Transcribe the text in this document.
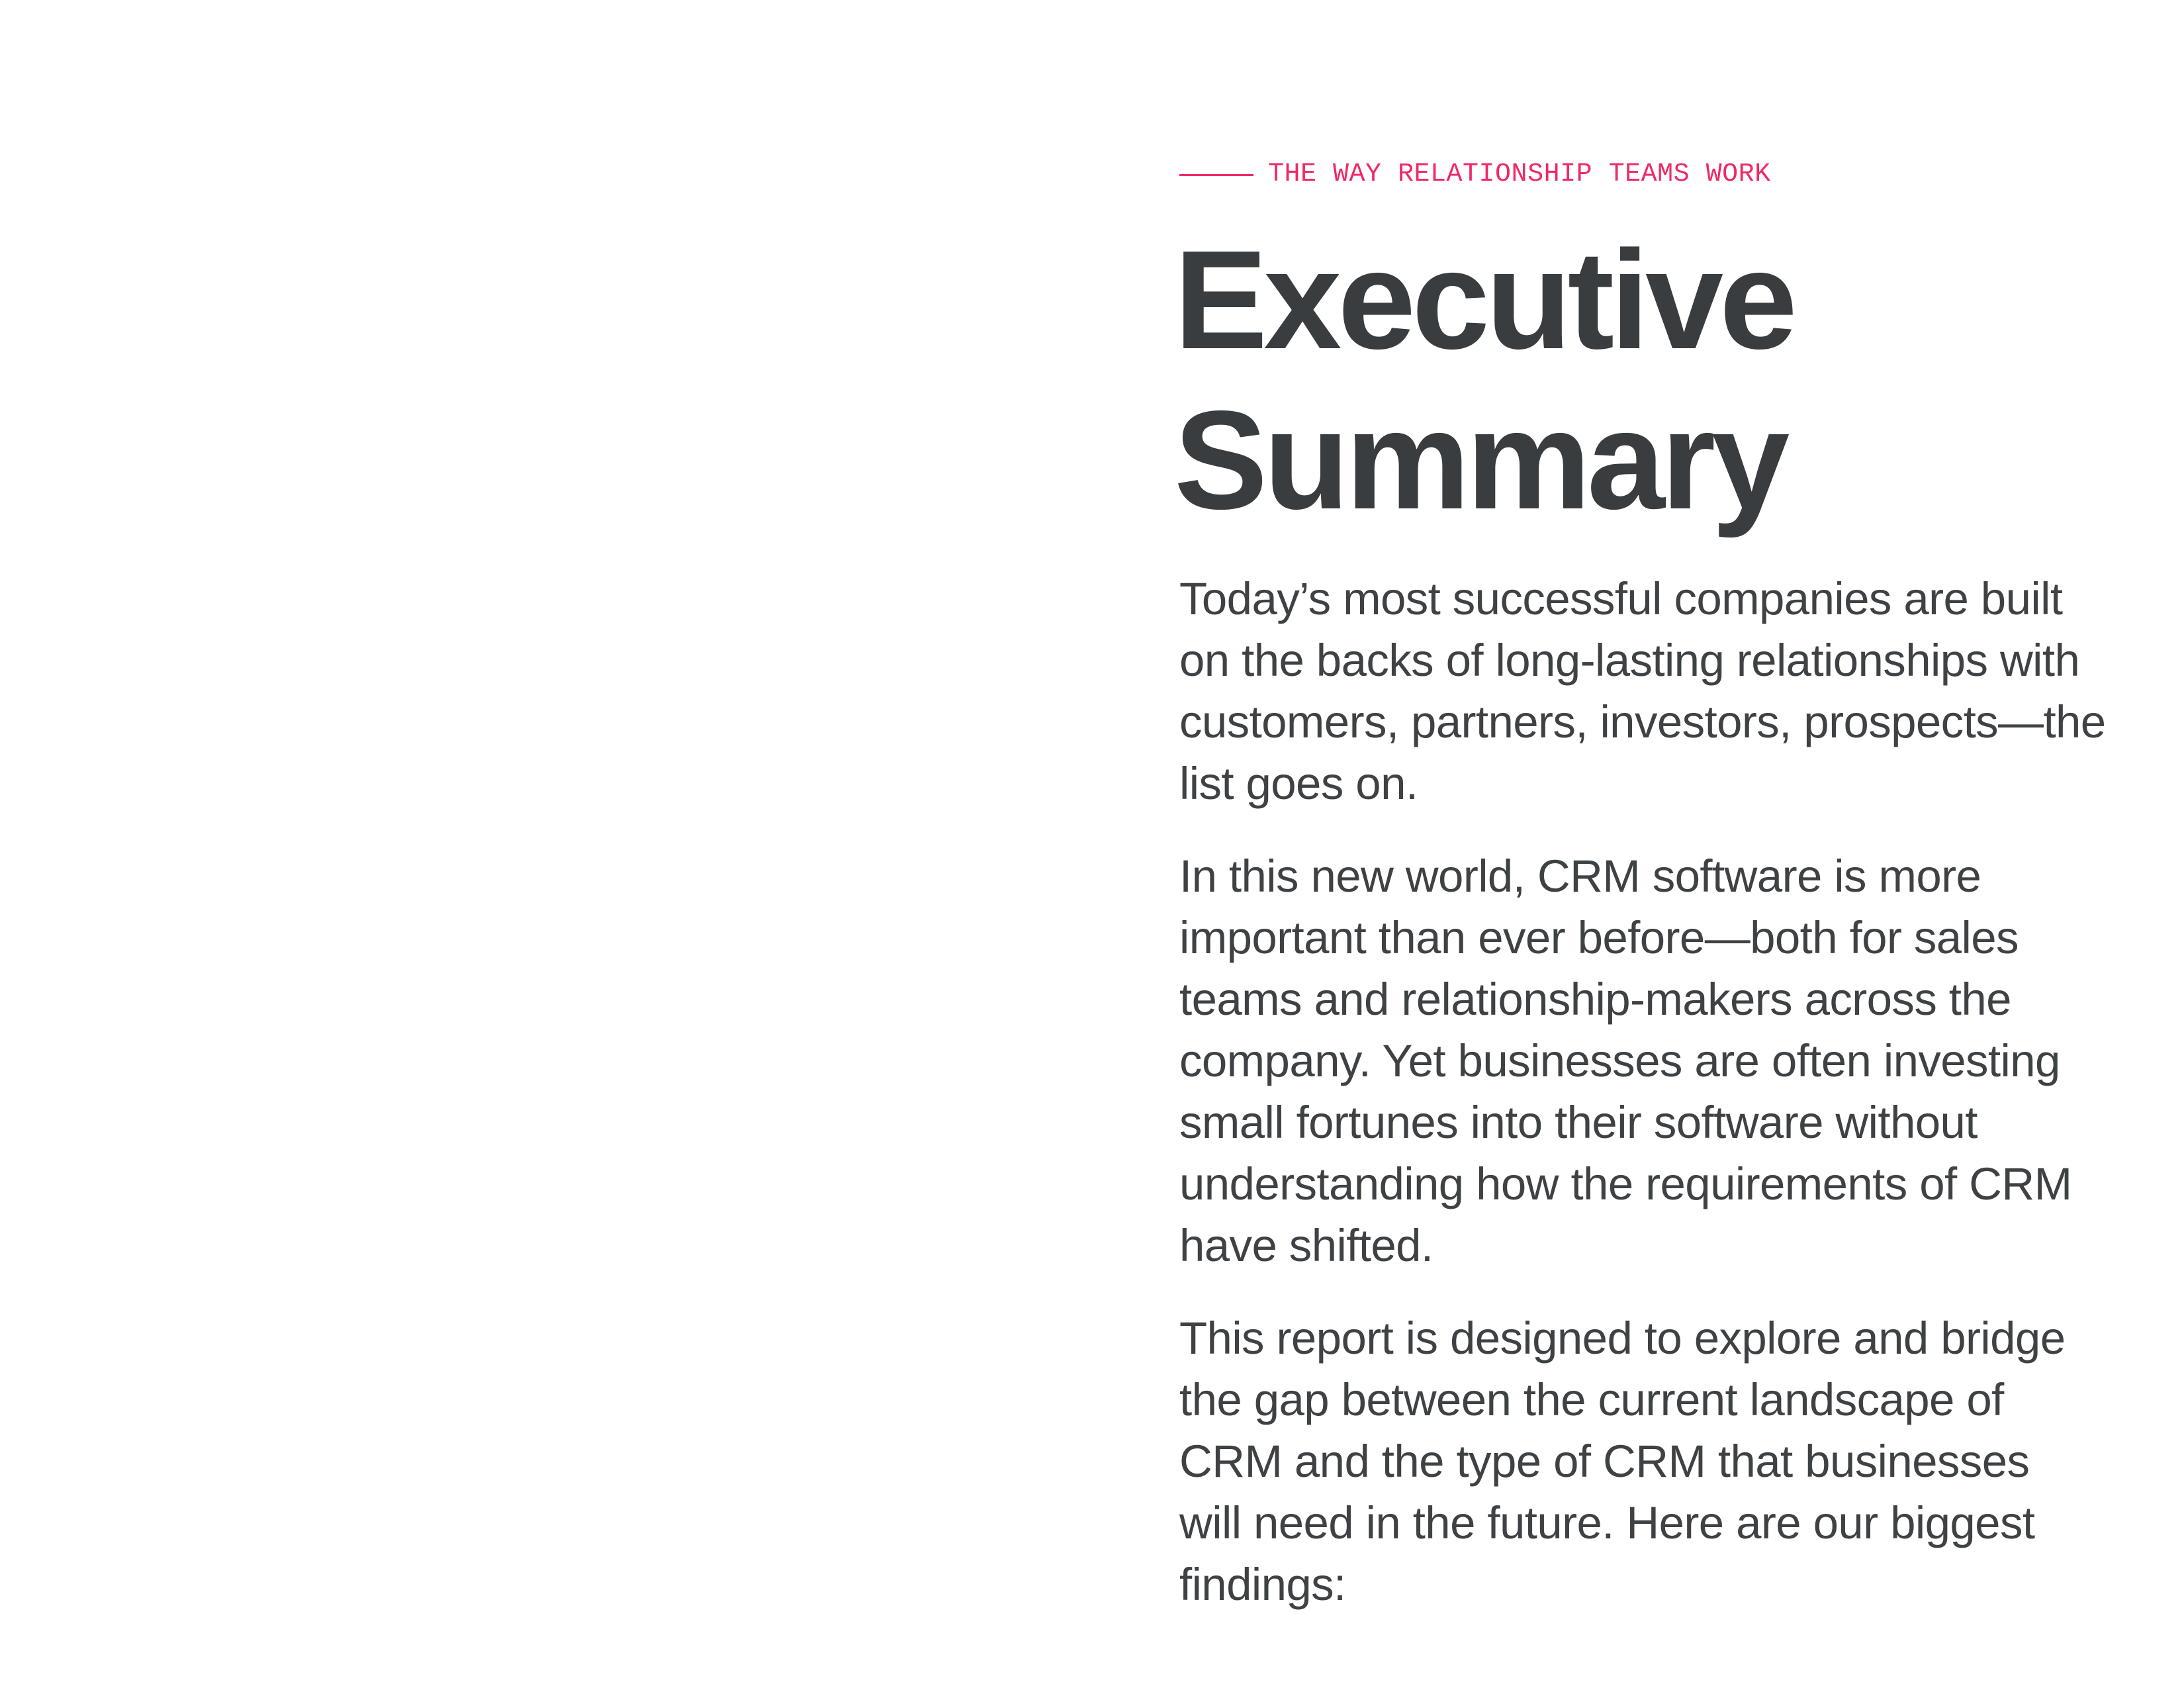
THE WAY RELATIONSHIP TEAMS WORK
Executive
Summary

Today’s most successful companies are built
on the backs of long-lasting relationships with
customers, partners, investors, prospects—the
list goes on.

In this new world, CRM software is more
important than ever before—both for sales
teams and relationship-makers across the
company. Yet businesses are often investing
small fortunes into their software without
understanding how the requirements of CRM
have shifted.

This report is designed to explore and bridge
the gap between the current landscape of
CRM and the type of CRM that businesses
will need in the future. Here are our biggest
findings:
